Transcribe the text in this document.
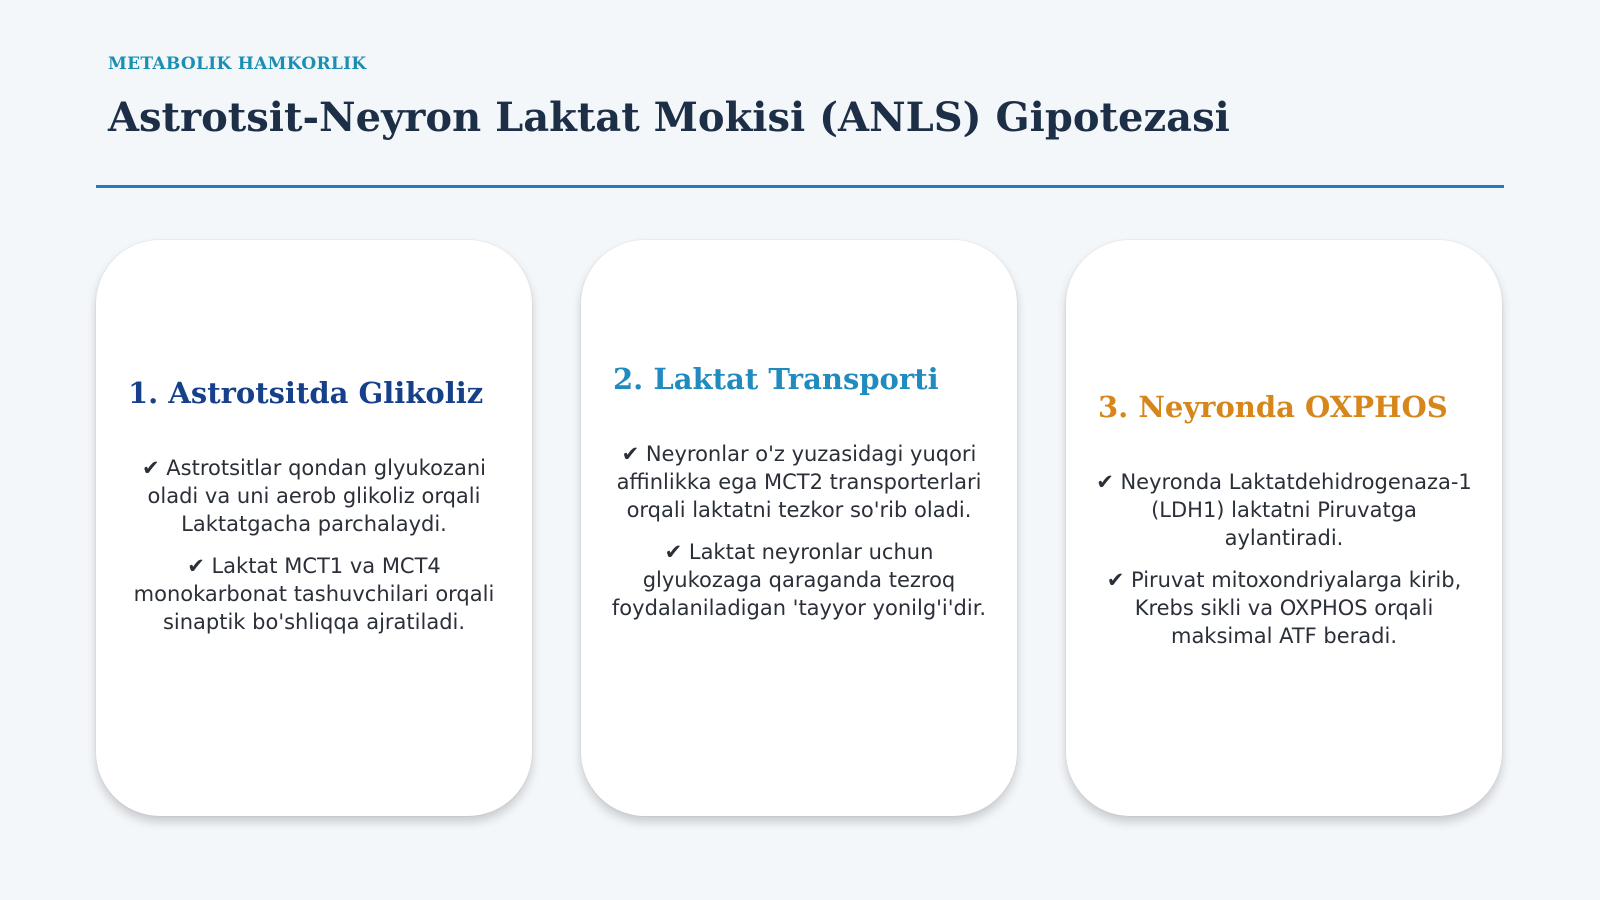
METABOLIK HAMKORLIK
Astrotsit-Neyron Laktat Mokisi (ANLS) Gipotezasi
1. Astrotsitda Glikoliz

✔ Astrotsitlar qondan glyukozani oladi va uni aerob glikoliz orqali Laktatgacha parchalaydi.

✔ Laktat MCT1 va MCT4 monokarbonat tashuvchilari orqali sinaptik bo'shliqqa ajratiladi.

2. Laktat Transporti

✔ Neyronlar o'z yuzasidagi yuqori affinlikka ega MCT2 transporterlari orqali laktatni tezkor so'rib oladi.

✔ Laktat neyronlar uchun glyukozaga qaraganda tezroq foydalaniladigan 'tayyor yonilg'i'dir.

3. Neyronda OXPHOS

✔ Neyronda Laktatdehidrogenaza-1 (LDH1) laktatni Piruvatga aylantiradi.

✔ Piruvat mitoxondriyalarga kirib, Krebs sikli va OXPHOS orqali maksimal ATF beradi.
